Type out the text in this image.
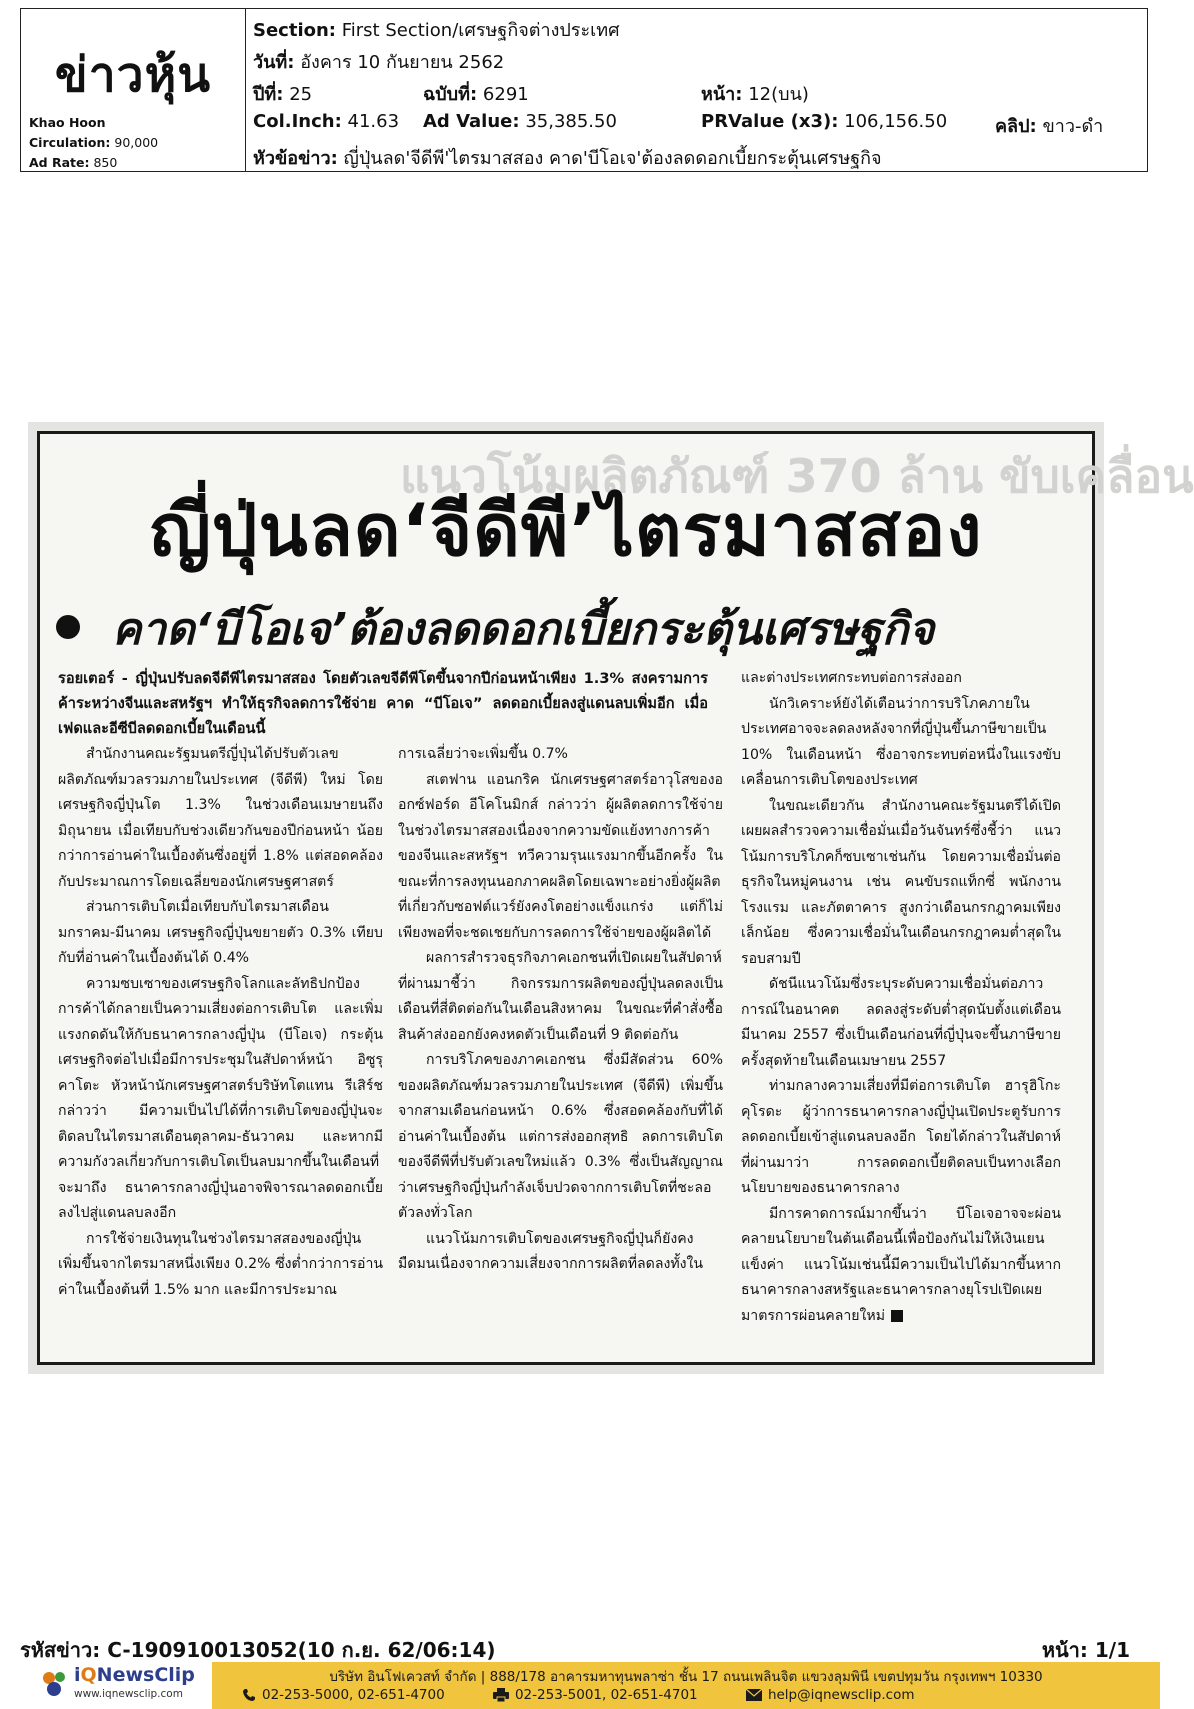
ข่าวหุ้น
Khao Hoon
Circulation: 90,000
Ad Rate: 850
Section: First Section/เศรษฐกิจต่างประเทศ
วันที่: อังคาร 10 กันยายน 2562
ปีที่: 25	ฉบับที่: 6291	หน้า: 12(บน)
Col.Inch: 41.63 Ad Value: 35,385.50	PRValue (x3): 106,156.50	คลิป: ขาว-ดำ
หัวข้อข่าว: ญี่ปุ่นลด'จีดีพี'ไตรมาสสอง คาด'บีโอเจ'ต้องลดดอกเบี้ยกระตุ้นเศรษฐกิจ
แนวโน้มผลิตภัณฑ์ 370 ล้าน ขับเคลื่อน
ญี่ปุ่นลด‘จีดีพี’ไตรมาสสอง
คาด‘บีโอเจ’ต้องลดดอกเบี้ยกระตุ้นเศรษฐกิจ
รอยเตอร์ - ญี่ปุ่นปรับลดจีดีพีไตรมาสสอง โดยตัวเลขจีดีพีโตขึ้นจากปีก่อนหน้าเพียง 1.3% สงครามการค้าระหว่างจีนและสหรัฐฯ ทำให้ธุรกิจลดการใช้จ่าย คาด “บีโอเจ” ลดดอกเบี้ยลงสู่แดนลบเพิ่มอีก เมื่อเฟดและอีซีบีลดดอกเบี้ยในเดือนนี้

สำนักงานคณะรัฐมนตรีญี่ปุ่นได้ปรับตัวเลขผลิตภัณฑ์มวลรวมภายในประเทศ (จีดีพี) ใหม่ โดยเศรษฐกิจญี่ปุ่นโต 1.3% ในช่วงเดือนเมษายนถึงมิถุนายน เมื่อเทียบกับช่วงเดียวกันของปีก่อนหน้า น้อยกว่าการอ่านค่าในเบื้องต้นซึ่งอยู่ที่ 1.8% แต่สอดคล้องกับประมาณการโดยเฉลี่ยของนักเศรษฐศาสตร์

ส่วนการเติบโตเมื่อเทียบกับไตรมาสเดือนมกราคม-มีนาคม เศรษฐกิจญี่ปุ่นขยายตัว 0.3% เทียบกับที่อ่านค่าในเบื้องต้นได้ 0.4%

ความซบเซาของเศรษฐกิจโลกและลัทธิปกป้องการค้าได้กลายเป็นความเสี่ยงต่อการเติบโต และเพิ่มแรงกดดันให้กับธนาคารกลางญี่ปุ่น (บีโอเจ) กระตุ้นเศรษฐกิจต่อไปเมื่อมีการประชุมในสัปดาห์หน้า อิซูรุ คาโตะ หัวหน้านักเศรษฐศาสตร์บริษัทโตแทน รีเสิร์ช กล่าวว่า มีความเป็นไปได้ที่การเติบโตของญี่ปุ่นจะติดลบในไตรมาสเดือนตุลาคม-ธันวาคม และหากมีความกังวลเกี่ยวกับการเติบโตเป็นลบมากขึ้นในเดือนที่จะมาถึง ธนาคารกลางญี่ปุ่นอาจพิจารณาลดดอกเบี้ยลงไปสู่แดนลบลงอีก

การใช้จ่ายเงินทุนในช่วงไตรมาสสองของญี่ปุ่นเพิ่มขึ้นจากไตรมาสหนึ่งเพียง 0.2% ซึ่งต่ำกว่าการอ่านค่าในเบื้องต้นที่ 1.5% มาก และมีการประมาณ

การเฉลี่ยว่าจะเพิ่มขึ้น 0.7%

สเตฟาน แอนกริค นักเศรษฐศาสตร์อาวุโสของออกซ์ฟอร์ด อีโคโนมิกส์ กล่าวว่า ผู้ผลิตลดการใช้จ่ายในช่วงไตรมาสสองเนื่องจากความขัดแย้งทางการค้าของจีนและสหรัฐฯ ทวีความรุนแรงมากขึ้นอีกครั้ง ในขณะที่การลงทุนนอกภาคผลิตโดยเฉพาะอย่างยิ่งผู้ผลิตที่เกี่ยวกับซอฟต์แวร์ยังคงโตอย่างแข็งแกร่ง แต่ก็ไม่เพียงพอที่จะชดเชยกับการลดการใช้จ่ายของผู้ผลิตได้

ผลการสำรวจธุรกิจภาคเอกชนที่เปิดเผยในสัปดาห์ที่ผ่านมาชี้ว่า กิจกรรมการผลิตของญี่ปุ่นลดลงเป็นเดือนที่สี่ติดต่อกันในเดือนสิงหาคม ในขณะที่คำสั่งซื้อสินค้าส่งออกยังคงหดตัวเป็นเดือนที่ 9 ติดต่อกัน

การบริโภคของภาคเอกชน ซึ่งมีสัดส่วน 60% ของผลิตภัณฑ์มวลรวมภายในประเทศ (จีดีพี) เพิ่มขึ้นจากสามเดือนก่อนหน้า 0.6% ซึ่งสอดคล้องกับที่ได้อ่านค่าในเบื้องต้น แต่การส่งออกสุทธิ ลดการเติบโตของจีดีพีที่ปรับตัวเลขใหม่แล้ว 0.3% ซึ่งเป็นสัญญาณว่าเศรษฐกิจญี่ปุ่นกำลังเจ็บปวดจากการเติบโตที่ชะลอตัวลงทั่วโลก

แนวโน้มการเติบโตของเศรษฐกิจญี่ปุ่นก็ยังคงมืดมนเนื่องจากความเสี่ยงจากการผลิตที่ลดลงทั้งใน

และต่างประเทศกระทบต่อการส่งออก

นักวิเคราะห์ยังได้เตือนว่าการบริโภคภายในประเทศอาจจะลดลงหลังจากที่ญี่ปุ่นขึ้นภาษีขายเป็น 10% ในเดือนหน้า ซึ่งอาจกระทบต่อหนึ่งในแรงขับเคลื่อนการเติบโตของประเทศ

ในขณะเดียวกัน สำนักงานคณะรัฐมนตรีได้เปิดเผยผลสำรวจความเชื่อมั่นเมื่อวันจันทร์ซึ่งชี้ว่า แนวโน้มการบริโภคก็ซบเซาเช่นกัน โดยความเชื่อมั่นต่อธุรกิจในหมู่คนงาน เช่น คนขับรถแท็กซี่ พนักงานโรงแรม และภัตตาคาร สูงกว่าเดือนกรกฎาคมเพียงเล็กน้อย ซึ่งความเชื่อมั่นในเดือนกรกฎาคมต่ำสุดในรอบสามปี

ดัชนีแนวโน้มซึ่งระบุระดับความเชื่อมั่นต่อภาวการณ์ในอนาคต ลดลงสู่ระดับต่ำสุดนับตั้งแต่เดือนมีนาคม 2557 ซึ่งเป็นเดือนก่อนที่ญี่ปุ่นจะขึ้นภาษีขายครั้งสุดท้ายในเดือนเมษายน 2557

ท่ามกลางความเสี่ยงที่มีต่อการเติบโต ฮารุฮิโกะ คุโรดะ ผู้ว่าการธนาคารกลางญี่ปุ่นเปิดประตูรับการลดดอกเบี้ยเข้าสู่แดนลบลงอีก โดยได้กล่าวในสัปดาห์ที่ผ่านมาว่า การลดดอกเบี้ยติดลบเป็นทางเลือกนโยบายของธนาคารกลาง

มีการคาดการณ์มากขึ้นว่า บีโอเจอาจจะผ่อนคลายนโยบายในต้นเดือนนี้เพื่อป้องกันไม่ให้เงินเยนแข็งค่า แนวโน้มเช่นนี้มีความเป็นไปได้มากขึ้นหากธนาคารกลางสหรัฐและธนาคารกลางยุโรปเปิดเผยมาตรการผ่อนคลายใหม่

รหัสข่าว: C-190910013052(10 ก.ย. 62/06:14)	หน้า: 1/1
iQNewsClip
www.iqnewsclip.com
บริษัท อินโฟเควสท์ จำกัด | 888/178 อาคารมหาทุนพลาซ่า ชั้น 17 ถนนเพลินจิต แขวงลุมพินี เขตปทุมวัน กรุงเทพฯ 10330
02-253-5000, 02-651-4700	02-253-5001, 02-651-4701	help@iqnewsclip.com
